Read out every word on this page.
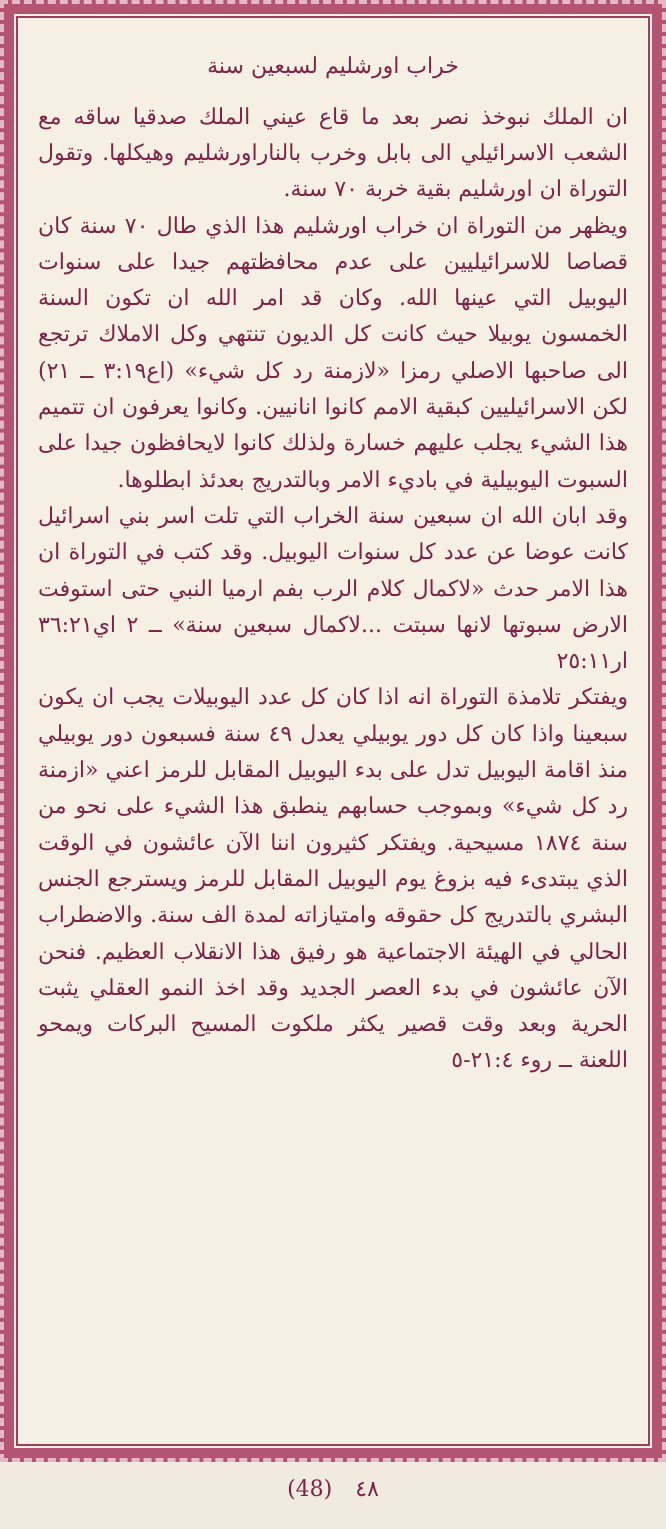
خراب اورشليم لسبعين سنة

ان الملك نبوخذ نصر بعد ما قاع عيني الملك صدقيا ساقه مع الشعب الاسرائيلي الى بابل وخرب بالناراورشليم وهيكلها. وتقول التوراة ان اورشليم بقية خربة ٧٠ سنة.

ويظهر من التوراة ان خراب اورشليم هذا الذي طال ٧٠ سنة كان قصاصا للاسرائيليين على عدم محافظتهم جيدا على سنوات اليوبيل التي عينها الله. وكان قد امر الله ان تكون السنة الخمسون يوبيلا حيث كانت كل الديون تنتهي وكل الاملاك ترتجع الى صاحبها الاصلي رمزا «لازمنة رد كل شيء» (اع٣:١٩ ــ ٢١) لكن الاسرائيليين كبقية الامم كانوا انانيين. وكانوا يعرفون ان تتميم هذا الشيء يجلب عليهم خسارة ولذلك كانوا لايحافظون جيدا على السبوت اليوبيلية في باديء الامر وبالتدريج بعدئذ ابطلوها.

وقد ابان الله ان سبعين سنة الخراب التي تلت اسر بني اسرائيل كانت عوضا عن عدد كل سنوات اليوبيل. وقد كتب في التوراة ان هذا الامر حدث «لاكمال كلام الرب بفم ارميا النبي حتى استوفت الارض سبوتها لانها سبتت ...لاكمال سبعين سنة» ــ ٢ اي٣٦:٢١ ار٢٥:١١

ويفتكر تلامذة التوراة انه اذا كان كل عدد اليوبيلات يجب ان يكون سبعينا واذا كان كل دور يوبيلي يعدل ٤٩ سنة فسبعون دور يوبيلي منذ اقامة اليوبيل تدل على بدء اليوبيل المقابل للرمز اعني «ازمنة رد كل شيء» وبموجب حسابهم ينطبق هذا الشيء على نحو من سنة ١٨٧٤ مسيحية. ويفتكر كثيرون اننا الآن عائشون في الوقت الذي يبتدىء فيه بزوغ يوم اليوبيل المقابل للرمز ويسترجع الجنس البشري بالتدريج كل حقوقه وامتيازاته لمدة الف سنة. والاضطراب الحالي في الهيئة الاجتماعية هو رفيق هذا الانقلاب العظيم. فنحن الآن عائشون في بدء العصر الجديد وقد اخذ النمو العقلي يثبت الحرية وبعد وقت قصير يكثر ملكوت المسيح البركات ويمحو اللعنة ــ روء ٢١:٤-٥

(48) ٤٨
